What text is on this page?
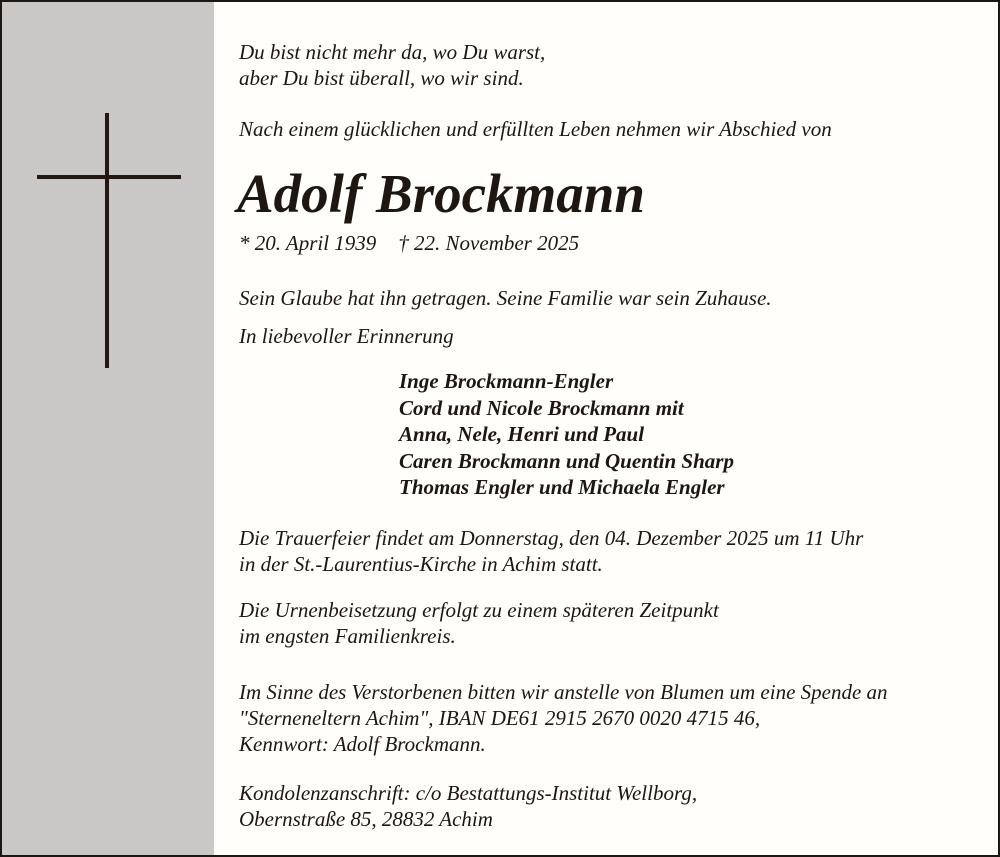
Du bist nicht mehr da, wo Du warst,

aber Du bist überall, wo wir sind.

Nach einem glücklichen und erfüllten Leben nehmen wir Abschied von

Adolf Brockmann

* 20. April 1939 † 22. November 2025

Sein Glaube hat ihn getragen. Seine Familie war sein Zuhause.

In liebevoller Erinnerung

Inge Brockmann-Engler
Cord und Nicole Brockmann mit
Anna, Nele, Henri und Paul
Caren Brockmann und Quentin Sharp
Thomas Engler und Michaela Engler

Die Trauerfeier findet am Donnerstag, den 04. Dezember 2025 um 11 Uhr

in der St.-Laurentius-Kirche in Achim statt.

Die Urnenbeisetzung erfolgt zu einem späteren Zeitpunkt

im engsten Familienkreis.

Im Sinne des Verstorbenen bitten wir anstelle von Blumen um eine Spende an

"Sterneneltern Achim", IBAN DE61 2915 2670 0020 4715 46,

Kennwort: Adolf Brockmann.

Kondolenzanschrift: c/o Bestattungs-Institut Wellborg,

Obernstraße 85, 28832 Achim
